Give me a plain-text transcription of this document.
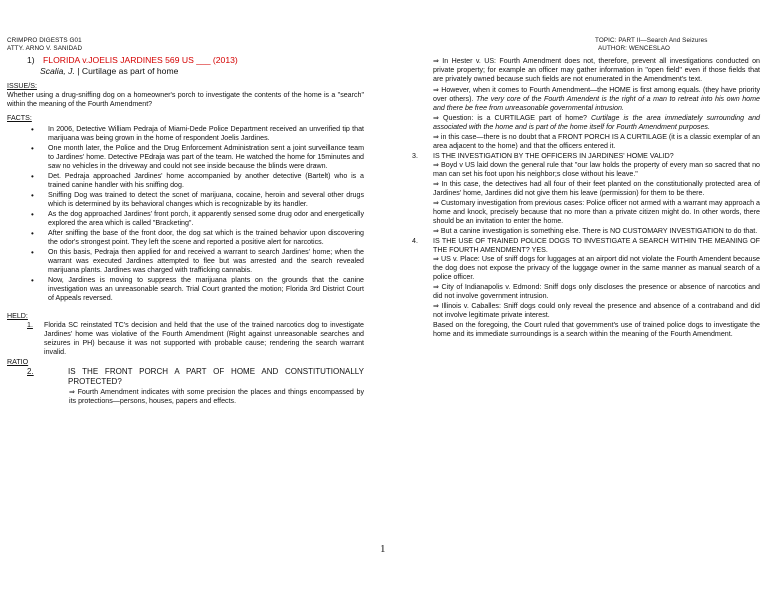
CRIMPRO DIGESTS G01
ATTY. ARNO V. SANIDAD
TOPIC: PART II—Search And Seizures
AUTHOR: WENCESLAO
1) FLORIDA v.JOELIS JARDINES 569 US ___ (2013)
Scalia, J. | Curtilage as part of home
ISSUE/S:

Whether using a drug-sniffing dog on a homeowner's porch to investigate the contents of the home is a "search" within the meaning of the Fourth Amendment?

FACTS:
• In 2006, Detective William Pedraja of Miami-Dede Police Department received an unverified tip that marijuana was being grown in the home of respondent Joelis Jardines.
• One month later, the Police and the Drug Enforcement Administration sent a joint surveillance team to Jardines' home. Detective PEdraja was part of the team. He watched the home for 15minutes and saw no vehicles in the driveway and could not see inside because the blinds were drawn.
• Det. Pedraja approached Jardines' home accompanied by another detective (Bartelt) who is a trained canine handler with his sniffing dog.
• Sniffing Dog was trained to detect the scnet of marijuana, cocaine, heroin and several other drugs which is determined by its behavioral changes which is recognizable by its handler.
• As the dog approached Jardines' front porch, it apparently sensed some drug odor and energetically explored the area which is called "Bracketing".
• After sniffing the base of the front door, the dog sat which is the trained behavior upon discovering the odor's strongest point. They left the scene and reported a positive alert for narcotics.
• On this basis, Pedraja then applied for and received a warrant to search Jardines' home; when the warrant was executed Jardines attempted to flee but was arrested and the search revealed marijuana plants. Jardines was charged with trafficking cannabis.
• Now, Jardines is moving to suppress the marijuana plants on the grounds that the canine investigation was an unreasonable search. Trial Court granted the motion; Florida 3rd District Court of Appeals reversed.
HELD:
1.	Florida SC reinstated TC's decision and held that the use of the trained narcotics dog to investigate Jardines' home was violative of the Fourth Amendment (Right against unreasonable searches and seizures in PH) because it was not supported with probable cause; rendering the search warrant invalid.
RATIO
2.	IS THE FRONT PORCH A PART OF HOME AND CONSTITUTIONALLY PROTECTED?

⇒ Fourth Amendment indicates with some precision the places and things encompassed by its protections—persons, houses, papers and effects.

⇒ In Hester v. US: Fourth Amendment does not, therefore, prevent all investigations conducted on private property; for example an officer may gather information in "open field" even if those fields that are privately owned because such fields are not enumerated in the Amendment's text.

⇒ However, when it comes to Fourth Amendment—the HOME is first among equals. (they have priority over others). The very core of the Fourth Amendent is the right of a man to retreat into his own home and there be free from unreasonable governmental intrusion.

⇒ Question: is a CURTILAGE part of home? Curtilage is the area immediately surrounding and associated with the home and is part of the home itself for Fourth Amendment purposes.

⇒ in this case—there is no doubt that a FRONT PORCH IS A CURTILAGE (it is a classic exemplar of an area adjacent to the home) and that the officers entered it.

3.	IS THE INVESTIGATION BY THE OFFICERS IN JARDINES' HOME VALID?

⇒ Boyd v US laid down the general rule that "our law holds the property of every man so sacred that no man can set his foot upon his neighbor;s close without his leave."

⇒ In this case, the detectives had all four of their feet planted on the constitutionally protected area of Jardines' home, Jardines did not give them his leave (permission) for them to be there.

⇒ Customary investigation from previous cases: Police officer not armed with a warrant may approach a home and knock, precisely because that no more than a private citizen might do. In other words, there should be an invitation to enter the home.

⇒ But a canine investigation is something else. There is NO CUSTOMARY INVESTIGATION to do that.

4.	IS THE USE OF TRAINED POLICE DOGS TO INVESTIGATE A SEARCH WITHIN THE MEANING OF THE FOURTH AMENDMENT? YES.

⇒ US v. Place: Use of sniff dogs for luggages at an airport did not violate the Fourth Amendent because the dog does not expose the privacy of the luggage owner in the same manner as manual search of a police officer.

⇒ City of Indianapolis v. Edmond: Sniff dogs only discloses the presence or absence of narcotics and did not involve government intrusion.

⇒ Illinois v. Caballes: Sniff dogs could only reveal the presence and absence of a contraband and did not involve legitimate private interest.

Based on the foregoing, the Court ruled that government's use of trained police dogs to investigate the home and its immediate surroundings is a search within the meaning of the Fourth Amendment.

1
